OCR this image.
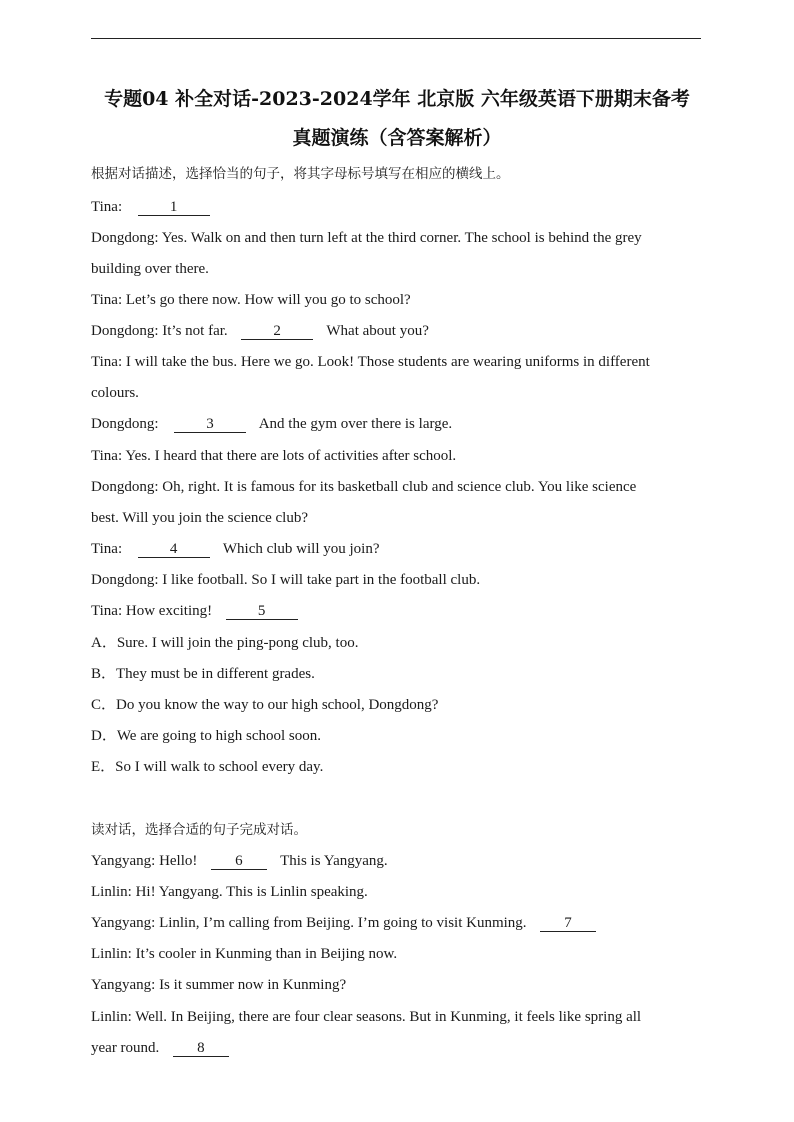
专题04 补全对话-2023-2024学年 北京版 六年级英语下册期末备考
真题演练（含答案解析）
根据对话描述，选择恰当的句子，将其字母标号填写在相应的横线上。
Tina:	1
Dongdong: Yes. Walk on and then turn left at the third corner. The school is behind the grey
building over there.
Tina: Let’s go there now. How will you go to school?
Dongdong: It’s not far.	2	What about you?
Tina: I will take the bus. Here we go. Look! Those students are wearing uniforms in different
colours.
Dongdong:	3	And the gym over there is large.
Tina: Yes. I heard that there are lots of activities after school.
Dongdong: Oh, right. It is famous for its basketball club and science club. You like science
best. Will you join the science club?
Tina:	4	Which club will you join?
Dongdong: I like football. So I will take part in the football club.
Tina: How exciting!	5
A．Sure. I will join the ping-pong club, too.
B．They must be in different grades.
C．Do you know the way to our high school, Dongdong?
D．We are going to high school soon.
E．So I will walk to school every day.
读对话，选择合适的句子完成对话。
Yangyang: Hello!	6 This is Yangyang.
Linlin: Hi! Yangyang. This is Linlin speaking.
Yangyang: Linlin, I’m calling from Beijing. I’m going to visit Kunming.	7
Linlin: It’s cooler in Kunming than in Beijing now.
Yangyang: Is it summer now in Kunming?
Linlin: Well. In Beijing, there are four clear seasons. But in Kunming, it feels like spring all
year round.	8
